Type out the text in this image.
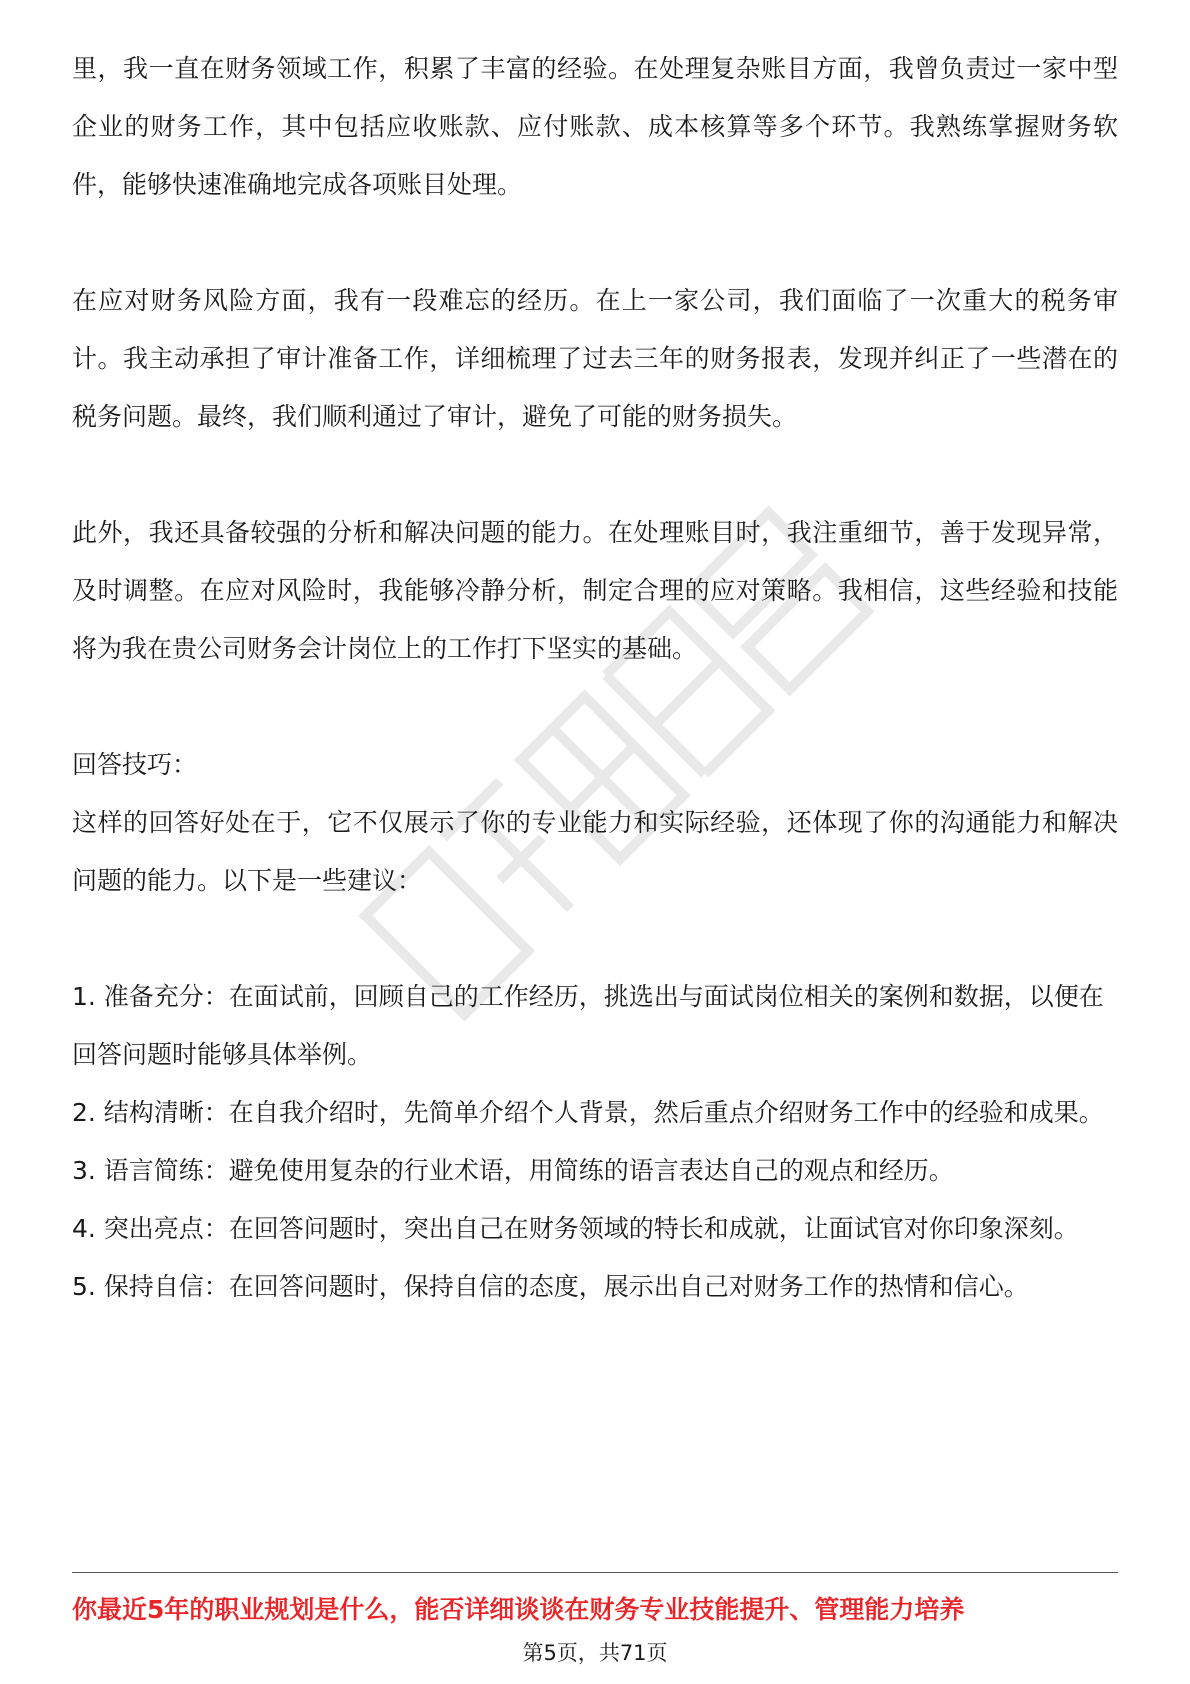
里，我一直在财务领域工作，积累了丰富的经验。在处理复杂账目方面，我曾负责过一家中型企业的财务工作，其中包括应收账款、应付账款、成本核算等多个环节。我熟练掌握财务软件，能够快速准确地完成各项账目处理。

在应对财务风险方面，我有一段难忘的经历。在上一家公司，我们面临了一次重大的税务审计。我主动承担了审计准备工作，详细梳理了过去三年的财务报表，发现并纠正了一些潜在的税务问题。最终，我们顺利通过了审计，避免了可能的财务损失。

此外，我还具备较强的分析和解决问题的能力。在处理账目时，我注重细节，善于发现异常，及时调整。在应对风险时，我能够冷静分析，制定合理的应对策略。我相信，这些经验和技能将为我在贵公司财务会计岗位上的工作打下坚实的基础。

回答技巧：

这样的回答好处在于，它不仅展示了你的专业能力和实际经验，还体现了你的沟通能力和解决问题的能力。以下是一些建议：

1. 准备充分：在面试前，回顾自己的工作经历，挑选出与面试岗位相关的案例和数据，以便在回答问题时能够具体举例。

2. 结构清晰：在自我介绍时，先简单介绍个人背景，然后重点介绍财务工作中的经验和成果。

3. 语言简练：避免使用复杂的行业术语，用简练的语言表达自己的观点和经历。

4. 突出亮点：在回答问题时，突出自己在财务领域的特长和成就，让面试官对你印象深刻。

5. 保持自信：在回答问题时，保持自信的态度，展示出自己对财务工作的热情和信心。

你最近5年的职业规划是什么，能否详细谈谈在财务专业技能提升、管理能力培养

第5页，共71页
